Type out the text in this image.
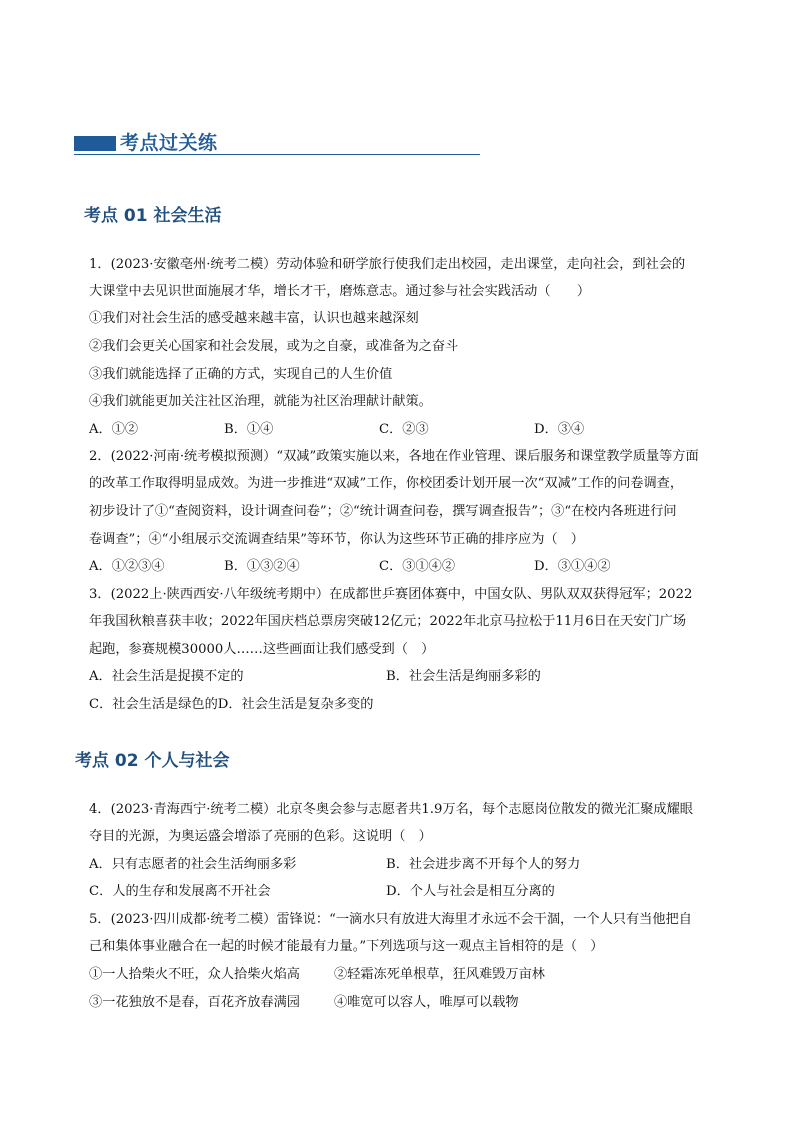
考点过关练
考点 01 社会生活
1．(2023·安徽亳州·统考二模）劳动体验和研学旅行使我们走出校园，走出课堂，走向社会，到社会的
大课堂中去见识世面施展才华，增长才干，磨炼意志。通过参与社会实践活动（　　）
①我们对社会生活的感受越来越丰富，认识也越来越深刻
②我们会更关心国家和社会发展，或为之自豪，或准备为之奋斗
③我们就能选择了正确的方式，实现自己的人生价值
④我们就能更加关注社区治理，就能为社区治理献计献策。
A．①②	B．①④	C．②③	D．③④
2．(2022·河南·统考模拟预测）“双减”政策实施以来，各地在作业管理、课后服务和课堂教学质量等方面
的改革工作取得明显成效。为进一步推进“双减”工作，你校团委计划开展一次“双减”工作的问卷调查，
初步设计了①“查阅资料，设计调查问卷”；②“统计调查问卷，撰写调查报告”；③“在校内各班进行问
卷调查”；④“小组展示交流调查结果”等环节，你认为这些环节正确的排序应为（　）
A．①②③④	B．①③②④	C．③①④②	D．③①④②
3．(2022上·陕西西安·八年级统考期中）在成都世乒赛团体赛中，中国女队、男队双双获得冠军；2022
年我国秋粮喜获丰收；2022年国庆档总票房突破12亿元；2022年北京马拉松于11月6日在天安门广场
起跑，参赛规模30000人……这些画面让我们感受到（　）
A．社会生活是捉摸不定的	B．社会生活是绚丽多彩的
C．社会生活是绿色的D．社会生活是复杂多变的
考点 02 个人与社会
4．(2023·青海西宁·统考二模）北京冬奥会参与志愿者共1.9万名，每个志愿岗位散发的微光汇聚成耀眼
夺目的光源，为奥运盛会增添了亮丽的色彩。这说明（　）
A．只有志愿者的社会生活绚丽多彩	B．社会进步离不开每个人的努力
C．人的生存和发展离不开社会	D．个人与社会是相互分离的
5．(2023·四川成都·统考二模）雷锋说：“一滴水只有放进大海里才永远不会干涸，一个人只有当他把自
己和集体事业融合在一起的时候才能最有力量。”下列选项与这一观点主旨相符的是（　）
①一人拾柴火不旺，众人拾柴火焰高	②轻霜冻死单根草，狂风难毁万亩林
③一花独放不是春，百花齐放春满园	④唯宽可以容人，唯厚可以载物
